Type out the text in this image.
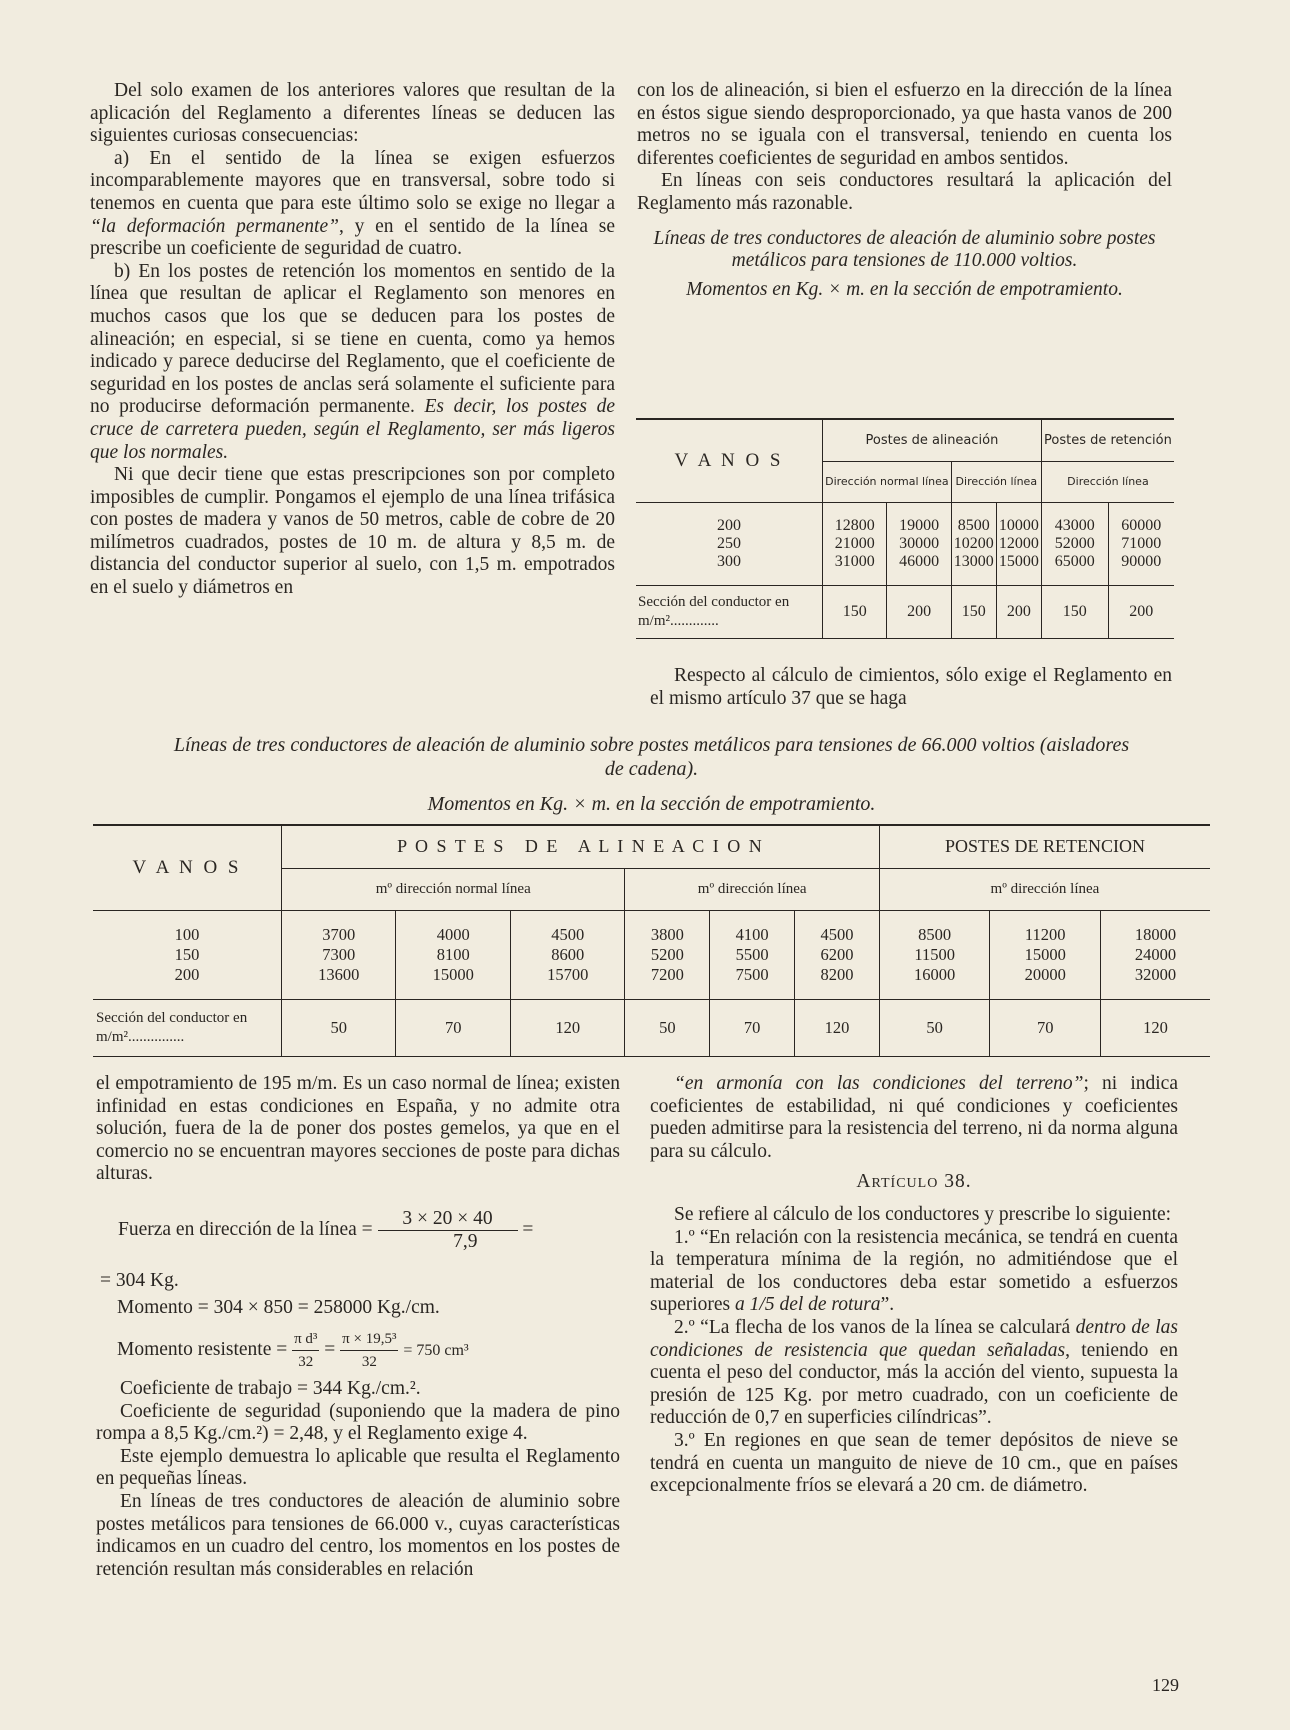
Del solo examen de los anteriores valores que resultan de la aplicación del Reglamento a diferentes líneas se deducen las siguientes curiosas consecuencias:

a) En el sentido de la línea se exigen esfuerzos incomparablemente mayores que en transversal, sobre todo si tenemos en cuenta que para este último solo se exige no llegar a “la deformación permanente”, y en el sentido de la línea se prescribe un coeficiente de seguridad de cuatro.

b) En los postes de retención los momentos en sentido de la línea que resultan de aplicar el Reglamento son menores en muchos casos que los que se deducen para los postes de alineación; en especial, si se tiene en cuenta, como ya hemos indicado y parece deducirse del Reglamento, que el coeficiente de seguridad en los postes de anclas será solamente el suficiente para no producirse deformación permanente. Es decir, los postes de cruce de carretera pueden, según el Reglamento, ser más ligeros que los normales.

Ni que decir tiene que estas prescripciones son por completo imposibles de cumplir. Pongamos el ejemplo de una línea trifásica con postes de madera y vanos de 50 metros, cable de cobre de 20 milímetros cuadrados, postes de 10 m. de altura y 8,5 m. de distancia del conductor superior al suelo, con 1,5 m. empotrados en el suelo y diámetros en

con los de alineación, si bien el esfuerzo en la dirección de la línea en éstos sigue siendo desproporcionado, ya que hasta vanos de 200 metros no se iguala con el transversal, teniendo en cuenta los diferentes coeficientes de seguridad en ambos sentidos.

En líneas con seis conductores resultará la aplicación del Reglamento más razonable.

Líneas de tres conductores de aleación de aluminio sobre postes metálicos para tensiones de 110.000 voltios.

Momentos en Kg. × m. en la sección de empotramiento.

V A N O S	Postes de alineación				Postes de retención	
	Dirección normal línea		Dirección línea		Dirección línea	
200	12800	19000	8500	10000	43000	60000
250	21000	30000	10200	12000	52000	71000
300	31000	46000	13000	15000	65000	90000
Sección del conductor en m/m².............	150	200	150	200	150	200

Respecto al cálculo de cimientos, sólo exige el Reglamento en el mismo artículo 37 que se haga

Líneas de tres conductores de aleación de aluminio sobre postes metálicos para tensiones de 66.000 voltios (aisladores de cadena).
Momentos en Kg. × m. en la sección de empotramiento.
V A N O S	P O S T E S   D E   A L I N E A C I O N						POSTES DE RETENCION		
	mº dirección normal línea			mº dirección línea			mº dirección línea		
100	3700	4000	4500	3800	4100	4500	8500	11200	18000
150	7300	8100	8600	5200	5500	6200	11500	15000	24000
200	13600	15000	15700	7200	7500	8200	16000	20000	32000
Sección del conductor en m/m²...............	50	70	120	50	70	120	50	70	120

el empotramiento de 195 m/m. Es un caso normal de línea; existen infinidad en estas condiciones en España, y no admite otra solución, fuera de la de poner dos postes gemelos, ya que en el comercio no se encuentran mayores secciones de poste para dichas alturas.

Fuerza en dirección de la línea = $\frac{3 \times 20 \times 40}{7,9}$ =
= 304 Kg.
Momento = 304 × 850 = 258000 Kg./cm.
Momento resistente = $\frac{\text{π d³}}{32} = \frac{\text{π × 19,5³}}{32} = 750$ cm³

Coeficiente de trabajo = 344 Kg./cm.².

Coeficiente de seguridad (suponiendo que la madera de pino rompa a 8,5 Kg./cm.²) = 2,48, y el Reglamento exige 4.

Este ejemplo demuestra lo aplicable que resulta el Reglamento en pequeñas líneas.

En líneas de tres conductores de aleación de aluminio sobre postes metálicos para tensiones de 66.000 v., cuyas características indicamos en un cuadro del centro, los momentos en los postes de retención resultan más considerables en relación

“en armonía con las condiciones del terreno”; ni indica coeficientes de estabilidad, ni qué condiciones y coeficientes pueden admitirse para la resistencia del terreno, ni da norma alguna para su cálculo.

Artículo 38.

Se refiere al cálculo de los conductores y prescribe lo siguiente:

1.º “En relación con la resistencia mecánica, se tendrá en cuenta la temperatura mínima de la región, no admitiéndose que el material de los conductores deba estar sometido a esfuerzos superiores a 1/5 del de rotura”.

2.º “La flecha de los vanos de la línea se calculará dentro de las condiciones de resistencia que quedan señaladas, teniendo en cuenta el peso del conductor, más la acción del viento, supuesta la presión de 125 Kg. por metro cuadrado, con un coeficiente de reducción de 0,7 en superficies cilíndricas”.

3.º En regiones en que sean de temer depósitos de nieve se tendrá en cuenta un manguito de nieve de 10 cm., que en países excepcionalmente fríos se elevará a 20 cm. de diámetro.

129
